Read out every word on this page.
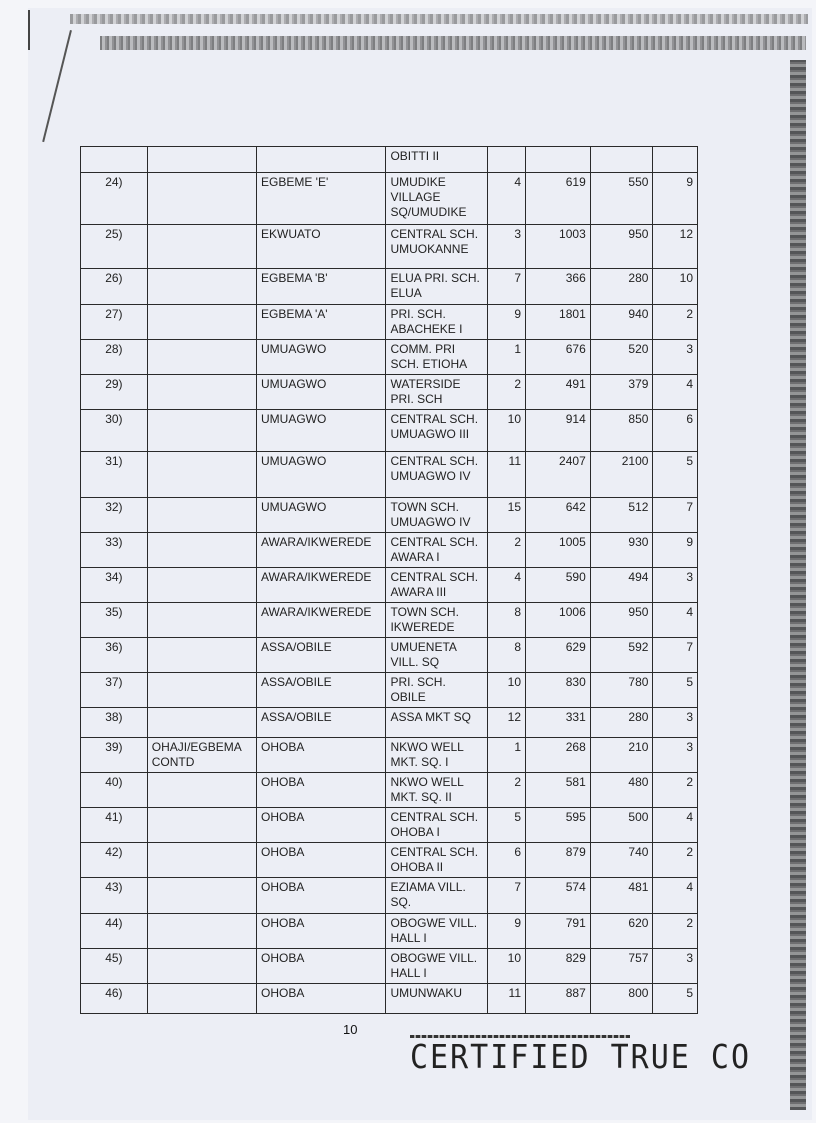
			OBITTI II				
24)		EGBEME 'E'	UMUDIKE VILLAGE SQ/UMUDIKE	4	619	550	9
25)		EKWUATO	CENTRAL SCH. UMUOKANNE	3	1003	950	12
26)		EGBEMA 'B'	ELUA PRI. SCH. ELUA	7	366	280	10
27)		EGBEMA 'A'	PRI. SCH. ABACHEKE I	9	1801	940	2
28)		UMUAGWO	COMM. PRI SCH. ETIOHA	1	676	520	3
29)		UMUAGWO	WATERSIDE PRI. SCH	2	491	379	4
30)		UMUAGWO	CENTRAL SCH. UMUAGWO III	10	914	850	6
31)		UMUAGWO	CENTRAL SCH. UMUAGWO IV	11	2407	2100	5
32)		UMUAGWO	TOWN SCH. UMUAGWO IV	15	642	512	7
33)		AWARA/IKWEREDE	CENTRAL SCH. AWARA I	2	1005	930	9
34)		AWARA/IKWEREDE	CENTRAL SCH. AWARA III	4	590	494	3
35)		AWARA/IKWEREDE	TOWN SCH. IKWEREDE	8	1006	950	4
36)		ASSA/OBILE	UMUENETA VILL. SQ	8	629	592	7
37)		ASSA/OBILE	PRI. SCH. OBILE	10	830	780	5
38)		ASSA/OBILE	ASSA MKT SQ	12	331	280	3
39)	OHAJI/EGBEMA CONTD	OHOBA	NKWO WELL MKT. SQ. I	1	268	210	3
40)		OHOBA	NKWO WELL MKT. SQ. II	2	581	480	2
41)		OHOBA	CENTRAL SCH. OHOBA I	5	595	500	4
42)		OHOBA	CENTRAL SCH. OHOBA II	6	879	740	2
43)		OHOBA	EZIAMA VILL. SQ.	7	574	481	4
44)		OHOBA	OBOGWE VILL. HALL I	9	791	620	2
45)		OHOBA	OBOGWE VILL. HALL I	10	829	757	3
46)		OHOBA	UMUNWAKU	11	887	800	5
10
CERTIFIED TRUE CO
